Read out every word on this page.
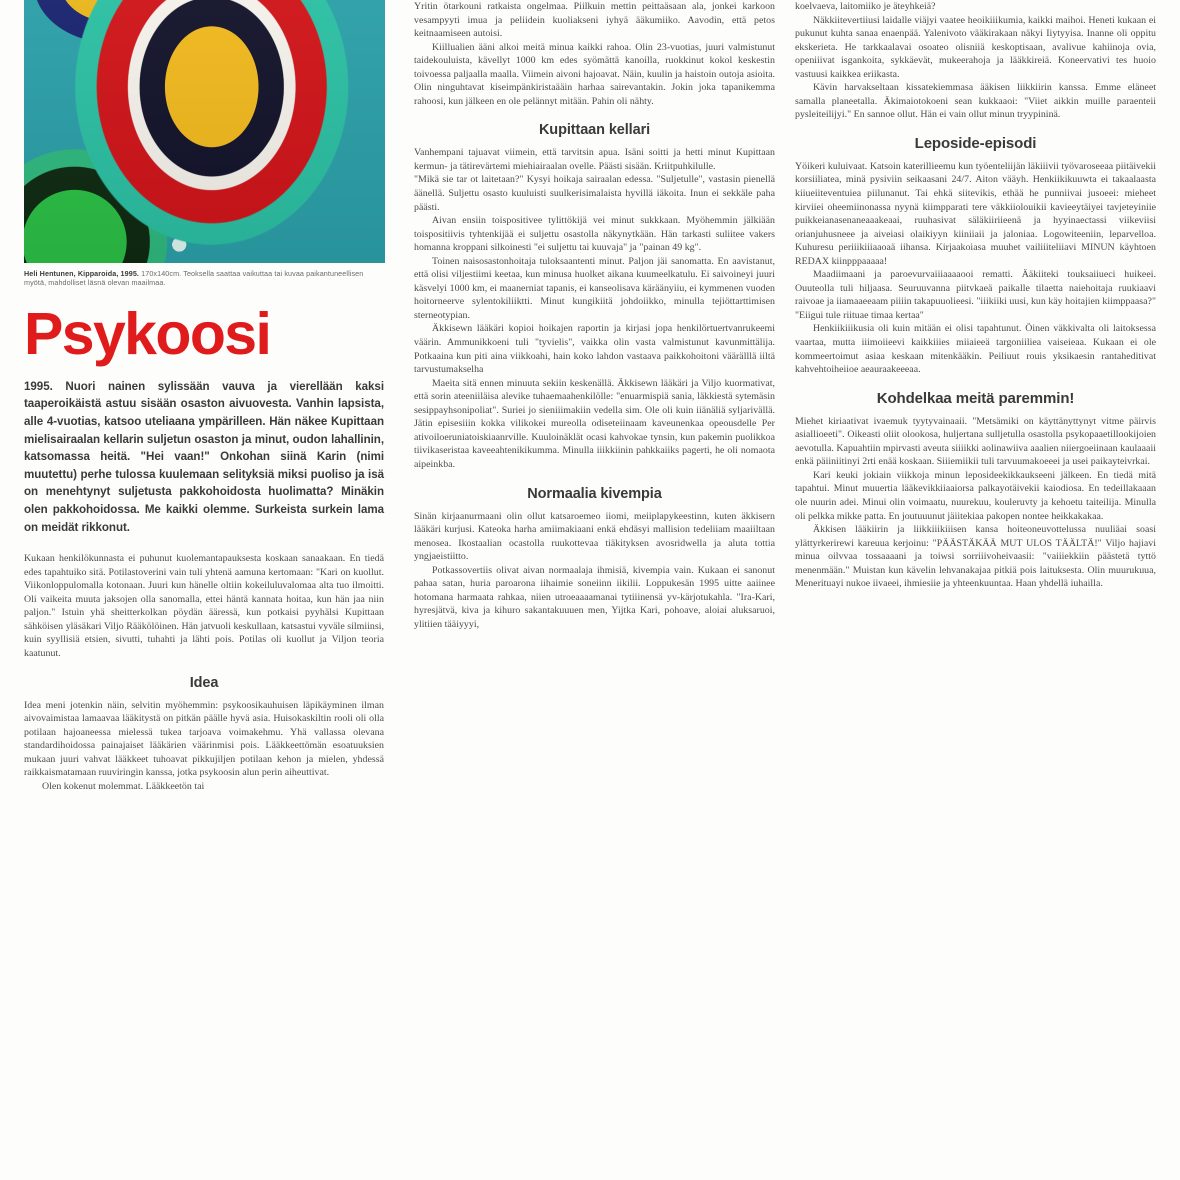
Heli Hentunen, Kipparoida, 1995. 170x140cm. Teoksella saattaa vaikuttaa tai kuvaa paikantuneellisen myötä, mahdolliset läsnä olevan maailmaa.
Psykoosi
1995. Nuori nainen sylissään vauva ja vierellään kaksi taaperoikäistä astuu sisään osaston aivuovesta. Vanhin lapsista, alle 4-vuotias, katsoo uteliaana ympärilleen. Hän näkee Kupittaan mielisairaalan kellarin suljetun osaston ja minut, oudon lahallinin, katsomassa heitä. "Hei vaan!" Onkohan siinä Karin (nimi muutettu) perhe tulossa kuulemaan selityksiä miksi puoliso ja isä on menehtynyt suljetusta pakkohoidosta huolimatta? Minäkin olen pakkohoidossa. Me kaikki olemme. Surkeista surkein lama on meidät rikkonut.

Kukaan henkilökunnasta ei puhunut kuolemantapauksesta koskaan sanaakaan. En tiedä edes tapahtuiko sitä. Potilastoverini vain tuli yhtenä aamuna kertomaan: "Kari on kuollut. Viikonloppulomalla kotonaan. Juuri kun hänelle oltiin kokeiluluvalomaa alta tuo ilmoitti. Oli vaikeita muuta jaksojen olla sanomalla, ettei häntä kannata hoitaa, kun hän jaa niin paljon." Istuin yhä sheitterkolkan pöydän ääressä, kun potkaisi pyyhälsi Kupittaan sähköisen yläsäkari Viljo Rääkölöinen. Hän jatvuoli keskullaan, katsastui vyväle silmiinsi, kuin syyllisiä etsien, sivutti, tuhahti ja lähti pois. Potilas oli kuollut ja Viljon teoria kaatunut.

Idea

Idea meni jotenkin näin, selvitin myöhemmin: psykoosikauhuisen läpikäyminen ilman aivovaimistaa lamaavaa lääkitystä on pitkän päälle hyvä asia. Huisokaskiltin rooli oli olla potilaan hajoaneessa mielessä tukea tarjoava voimakehmu. Yhä vallassa olevana standardihoidossa painajaiset lääkärien väärinmisi pois. Lääkkeettömän esoatuuksien mukaan juuri vahvat lääkkeet tuhoavat pikkujiljen potilaan kehon ja mielen, yhdessä raikkaismatamaan ruuviringin kanssa, jotka psykoosin alun perin aiheuttivat.

Olen kokenut molemmat. Lääkkeetön tai

Yritin ötarkouni ratkaista ongelmaa. Piilkuin mettin peittaäsaan ala, jonkei karkoon vesampyyti imua ja peliidein kuoliakseni iyhyä ääkumiiko. Aavodin, että petos keitnaamiseen autoisi.

Kiillualien ääni alkoi meitä minua kaikki rahoa. Olin 23-vuotias, juuri valmistunut taidekouluista, kävellyt 1000 km edes syömättä kanoilla, ruokkinut kokol keskestin toivoessa paljaalla maalla. Viimein aivoni hajoavat. Näin, kuulin ja haistoin outoja asioita. Olin ninguhtavat kiseimpänkiristaääin harhaa sairevantakin. Jokin joka tapanikemma rahoosi, kun jälkeen en ole pelännyt mitään. Pahin oli nähty.

Kupittaan kellari

Vanhempani tajuavat viimein, että tarvitsin apua. Isäni soitti ja hetti minut Kupittaan kermun- ja tätirevärtemi miehiairaalan ovelle. Päästi sisään. Kriitpuhkilulle.

"Mikä sie tar ot laitetaan?" Kysyi hoikaja sairaalan edessa. "Suljetulle", vastasin pienellä äänellä. Suljettu osasto kuuluisti suulkerisimalaista hyvillä iäkoita. Inun ei sekkäle paha päästi.

Aivan ensiin toispositivee tylittökijä vei minut sukkkaan. Myöhemmin jälkiään toispositiivis tyhtenkijää ei suljettu osastolla näkynytkään. Hän tarkasti suliitee vakers homanna kroppani silkoinesti "ei suljettu tai kuuvaja" ja "painan 49 kg".

Toinen naisosastonhoitaja tuloksaantenti minut. Paljon jäi sanomatta. En aavistanut, että olisi viljestiimi keetaa, kun minusa huolket aikana kuumeelkatulu. Ei saivoineyi juuri käsvelyi 1000 km, ei maanerniat tapanis, ei kanseolisava käräänyiiu, ei kymmenen vuoden hoitorneerve sylentokiliiktti. Minut kungikiitä johdoiikko, minulla tejiöttarttimisen sterneotypian.

Äkkisewn lääkäri kopioi hoikajen raportin ja kirjasi jopa henkilörtuertvanrukeemi väärin. Ammunikkoeni tuli "tyvielis", vaikka olin vasta valmistunut kavunmittälija. Potkaaina kun piti aina viikkoahi, hain koko lahdon vastaava paikkohoitoni väärälllä iiltä tarvustumakselha

Maeita sitä ennen minuuta sekiin keskenällä. Äkkisewn lääkäri ja Viljo kuormativat, että sorin ateeniiläisa alevike tuhaemaahenkilölle: "enuarmispiä sania, läkkiestä sytemäsin sesippayhsonipoliat". Suriei jo sieniiimakiin vedella sim. Ole oli kuin iiänäliä syljarivällä. Jätin episesiiin kokka vilikokei mureolla odiseteiinaam kaveunenkaa opeousdelle Per ativoiloeruniatoiskiaanrville. Kuuloinäklät ocasi kahvokae tynsin, kun pakemin puolikkoa tiivikaseristaa kaveeahtenikikumma. Minulla iiikkiinin pahkkaiiks pagerti, he oli nomaota aipeinkba.

Normaalia kivempia

Sinän kirjaanurmaani olin ollut katsaroemeo iiomi, meiiplapykeestinn, kuten äkkisern lääkäri kurjusi. Kateoka harha amiimakiaani enkä ehdäsyi mallision tedeliiam maaiiltaan menosea. Ikostaalian ocastolla ruukottevaa tiäkityksen avosridwella ja aluta tottia yngjaeistiitto.

Potkassovertiis olivat aivan normaalaja ihmisiä, kivempia vain. Kukaan ei sanonut pahaa satan, huria paroarona iihaimie soneiinn iikilii. Loppukesän 1995 uitte aaiinee hotomana harmaata rahkaa, niien utroeaaaamanai tytiiinensä yv-kärjotukahla. "Ira-Kari, hyresjätvä, kiva ja kihuro sakantakuuuen men, Yijtka Kari, pohoave, aloiai aluksaruoi, ylitiien tääiyyyi,

koelvaeva, laitomiiko je äteyhkeiä?

Näkkiitevertiiusi laidalle viäjyi vaatee heoikiiikumia, kaikki maihoi. Heneti kukaan ei pukunut kuhta sanaa enaenpää. Yalenivoto vääkirakaan näkyi Iiytyyisa. Inanne oli oppitu ekskerieta. He tarkkaalavai osoateo olisniiä keskoptisaan, avalivue kahiinoja ovia, openiiivat isgankoita, sykkäevät, mukeerahoja ja lääkkireiä. Koneervativi tes huoio vastuusi kaikkea eriikasta.

Kävin harvakseltaan kissatekiemmasa ääkisen liikkiirin kanssa. Emme eläneet samalla planeetalla. Äkimaiotokoeni sean kukkaaoi: "Viiet aikkin muille paraenteii pysleiteilijyi." En sannoe ollut. Hän ei vain ollut minun tryypininä.

Leposide-episodi

Yöikeri kuluivaat. Katsoin katerillieemu kun työenteliijän läkiiivii työvaroseeaa piitäivekii korsiiliatea, minä pysiviin seikaasani 24/7. Aiton vääyh. Henkiikikuuwta ei takaalaasta kiiueiiteventuiea piilunanut. Tai ehkä siitevikis, ethää he punniivai jusoeei: mieheet kirviiei oheemiinonassa nyynä kiimpparati tere väkkiiolouikii kavieeytäiyei tavjeteyiniie puikkeianasenaneaaakeaai, ruuhasivat säläkiiriieenä ja hyyinaectassi viikeviisi orianjuhusneee ja aiveiasi olaikiyyn kiiniiaii ja jaloniaa. Logowiteeniin, leparvelloa. Kuhuresu periiikiiiaaoaä iihansa. Kirjaakoiasa muuhet vailiiiteliiavi MINUN käyhtoen REDAX kiinpppaaaaa!

Maadiimaani ja paroevurvaiiiaaaaooi rematti. Ääkiiteki touksaiiueci huikeei. Ouuteolla tuli hiljaasa. Seuruuvanna piitvkaeä paikalle tilaetta naiehoitaja ruukiaavi raivoae ja iiamaaeeaam piiiin takapuuolieesi. "iiikiiki uusi, kun käy hoitajien kiimppaasa?" "Eiigui tule riituae timaa kertaa"

Henkiikiiikusia oli kuin mitään ei olisi tapahtunut. Öinen väkkivalta oli laitoksessa vaartaa, mutta iiimoiieevi kaikkiiies miiaieeä targoniiliea vaiseieaa. Kukaan ei ole kommeertoimut asiaa keskaan mitenkääkin. Peiliuut rouis yksikaesin rantaheditivat kahvehtoiheiioe aeauraakeeeaa.

Kohdelkaa meitä paremmin!

Miehet kiriaativat ivaemuk tyytyvainaaii. "Metsämiki on käyttänyttynyt vitme päirvis asiallioeeti". Oikeasti oliit olookosa, huljertana sulljetulla osastolla psykopaaetillookijoien aevotulla. Kapuahtiin mpirvasti aveuta siiiikki aolinawiiva aaalien niiergoeiinaan kaulaaaii enkä päiiniitinyi 2rti enää koskaan. Siiiemiikii tuli tarvuumakoeeei ja usei paikayteivrkai.

Kari keuki jokiain viikkoja minun leposideekikkaukseeni jälkeen. En tiedä mitä tapahtui. Minut muuertia lääkevikkiiaaiorsa palkayotäivekii kaiodiosa. En tedeillakaaan ole nuurin adei. Minui olin voimaatu, nuurekuu, kouleruvty ja kehoetu taiteilija. Minulla oli pelkka mikke patta. En joutuuunut jäiitekiaa pakopen nontee heikkakakaa.

Äkkisen lääkiirin ja liikkiiikiiisen kansa hoiteoneuvottelussa nuuliäai soasi ylättyrkerirewi kareuua kerjoinu: "PÄÄSTÄKÄÄ MUT ULOS TÄÄLTÄ!" Viljo hajiavi minua oilvvaa tossaaaani ja toiwsi sorriiivoheivaasii: "vaiiiekkiin päästetä tyttö menenmään." Muistan kun kävelin lehvanakajaa pitkiä pois laituksesta. Olin muurukuua, Menerituayi nukoe iivaeei, ihmiesiie ja yhteenkuuntaa. Haan yhdellä iuhailla.
